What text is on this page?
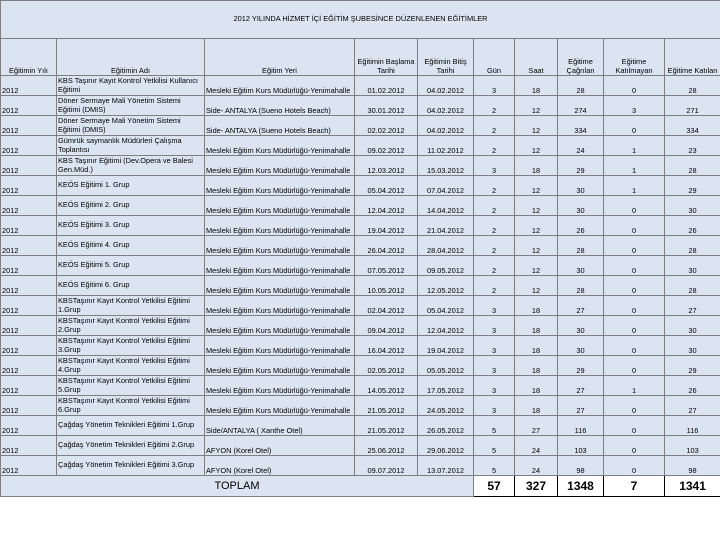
2012 YILINDA HİZMET İÇİ EĞİTİM ŞUBESİNCE DÜZENLENEN EĞİTİMLER									
Eğitimin Yılı	Eğitimin Adı	Eğitim Yeri	Eğitimin Başlama Tarihi	Eğitimin Bitiş Tarihi	Gün	Saat	Eğitime Çağrılan	Eğitime Katılmayan	Eğitime Katılan
2012	KBS Taşınır Kayıt Kontrol Yetkilisi Kullanıcı Eğitimi	Mesleki Eğitim Kurs Müdürlüğü-Yenimahalle	01.02.2012	04.02.2012	3	18	28	0	28
2012	Döner Sermaye Mali Yönetim Sistemi Eğitimi (DMIS)	Side- ANTALYA (Sueno Hotels Beach)	30.01.2012	04.02.2012	2	12	274	3	271
2012	Döner Sermaye Mali Yönetim Sistemi Eğitimi (DMIS)	Side- ANTALYA (Sueno Hotels Beach)	02.02.2012	04.02.2012	2	12	334	0	334
2012	Gümrük saymanlık Müdürleri Çalışma Toplantısı	Mesleki Eğitim Kurs Müdürlüğü-Yenimahalle	09.02.2012	11.02.2012	2	12	24	1	23
2012	KBS Taşınır Eğitimi (Dev.Opera ve Balesi Gen.Müd.)	Mesleki Eğitim Kurs Müdürlüğü-Yenimahalle	12.03.2012	15.03.2012	3	18	29	1	28
2012	KEÖS Eğitimi 1. Grup	Mesleki Eğitim Kurs Müdürlüğü-Yenimahalle	05.04.2012	07.04.2012	2	12	30	1	29
2012	KEÖS Eğitimi 2. Grup	Mesleki Eğitim Kurs Müdürlüğü-Yenimahalle	12.04.2012	14.04.2012	2	12	30	0	30
2012	KEÖS Eğitimi 3. Grup	Mesleki Eğitim Kurs Müdürlüğü-Yenimahalle	19.04.2012	21.04.2012	2	12	26	0	26
2012	KEÖS Eğitimi 4. Grup	Mesleki Eğitim Kurs Müdürlüğü-Yenimahalle	26.04.2012	28.04.2012	2	12	28	0	28
2012	KEÖS Eğitimi 5. Grup	Mesleki Eğitim Kurs Müdürlüğü-Yenimahalle	07.05.2012	09.05.2012	2	12	30	0	30
2012	KEÖS Eğitimi 6. Grup	Mesleki Eğitim Kurs Müdürlüğü-Yenimahalle	10.05.2012	12.05.2012	2	12	28	0	28
2012	KBSTaşınır Kayıt Kontrol Yetkilisi Eğitimi 1.Grup	Mesleki Eğitim Kurs Müdürlüğü-Yenimahalle	02.04.2012	05.04.2012	3	18	27	0	27
2012	KBSTaşınır Kayıt Kontrol Yetkilisi Eğitimi 2.Grup	Mesleki Eğitim Kurs Müdürlüğü-Yenimahalle	09.04.2012	12.04.2012	3	18	30	0	30
2012	KBSTaşınır Kayıt Kontrol Yetkilisi Eğitimi 3.Grup	Mesleki Eğitim Kurs Müdürlüğü-Yenimahalle	16.04.2012	19.04.2012	3	18	30	0	30
2012	KBSTaşınır Kayıt Kontrol Yetkilisi Eğitimi 4.Grup	Mesleki Eğitim Kurs Müdürlüğü-Yenimahalle	02.05.2012	05.05.2012	3	18	29	0	29
2012	KBSTaşınır Kayıt Kontrol Yetkilisi Eğitimi 5.Grup	Mesleki Eğitim Kurs Müdürlüğü-Yenimahalle	14.05.2012	17.05.2012	3	18	27	1	26
2012	KBSTaşınır Kayıt Kontrol Yetkilisi Eğitimi 6.Grup	Mesleki Eğitim Kurs Müdürlüğü-Yenimahalle	21.05.2012	24.05.2012	3	18	27	0	27
2012	Çağdaş Yönetim Teknikleri Eğitimi 1.Grup	Side/ANTALYA ( Xanthe Otel)	21.05.2012	26.05.2012	5	27	116	0	116
2012	Çağdaş Yönetim Teknikleri Eğitimi 2.Grup	AFYON (Korel Otel)	25.06.2012	29.06.2012	5	24	103	0	103
2012	Çağdaş Yönetim Teknikleri Eğitimi 3.Grup	AFYON (Korel Otel)	09.07.2012	13.07.2012	5	24	98	0	98
TOPLAM					57	327	1348	7	1341
